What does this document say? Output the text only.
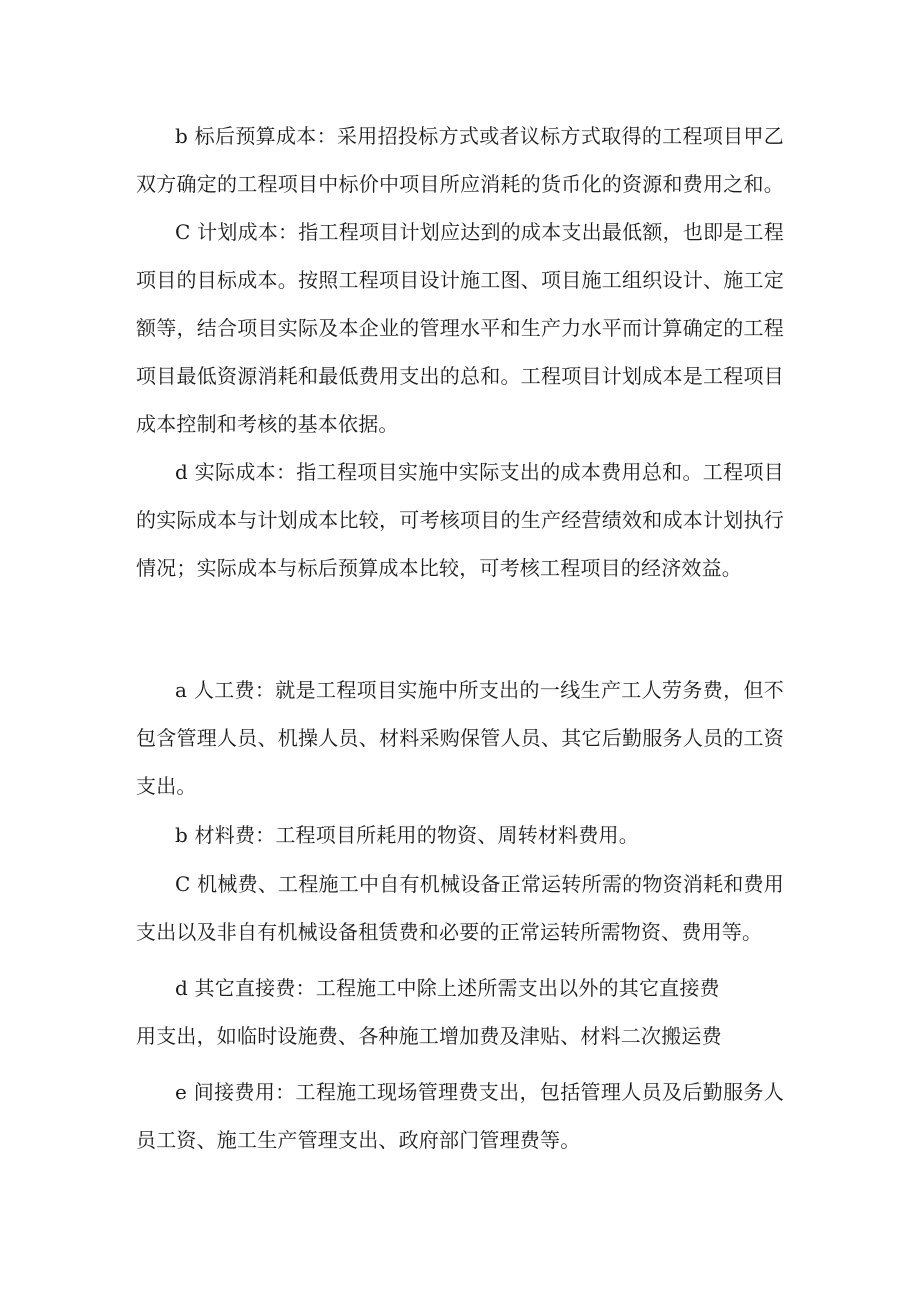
b 标后预算成本：采用招投标方式或者议标方式取得的工程项目甲乙
双方确定的工程项目中标价中项目所应消耗的货币化的资源和费用之和。
C 计划成本：指工程项目计划应达到的成本支出最低额，也即是工程
项目的目标成本。按照工程项目设计施工图、项目施工组织设计、施工定
额等，结合项目实际及本企业的管理水平和生产力水平而计算确定的工程
项目最低资源消耗和最低费用支出的总和。工程项目计划成本是工程项目
成本控制和考核的基本依据。
d 实际成本：指工程项目实施中实际支出的成本费用总和。工程项目
的实际成本与计划成本比较，可考核项目的生产经营绩效和成本计划执行
情况；实际成本与标后预算成本比较，可考核工程项目的经济效益。
a 人工费：就是工程项目实施中所支出的一线生产工人劳务费，但不
包含管理人员、机操人员、材料采购保管人员、其它后勤服务人员的工资
支出。
b 材料费：工程项目所耗用的物资、周转材料费用。
C 机械费、工程施工中自有机械设备正常运转所需的物资消耗和费用
支出以及非自有机械设备租赁费和必要的正常运转所需物资、费用等。
d 其它直接费：工程施工中除上述所需支出以外的其它直接费
用支出，如临时设施费、各种施工增加费及津贴、材料二次搬运费
e 间接费用：工程施工现场管理费支出，包括管理人员及后勤服务人
员工资、施工生产管理支出、政府部门管理费等。
